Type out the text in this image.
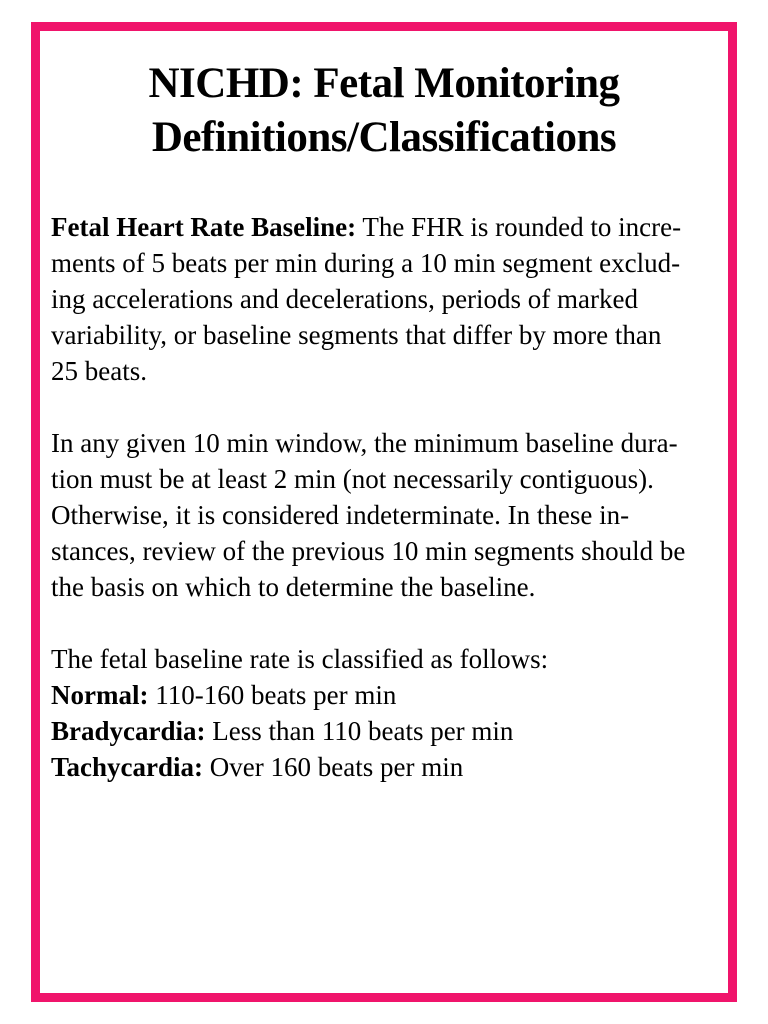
NICHD: Fetal Monitoring
Definitions/Classifications

Fetal Heart Rate Baseline: The FHR is rounded to incre-
ments of 5 beats per min during a 10 min segment exclud-
ing accelerations and decelerations, periods of marked
variability, or baseline segments that differ by more than
25 beats.

In any given 10 min window, the minimum baseline dura-
tion must be at least 2 min (not necessarily contiguous).
Otherwise, it is considered indeterminate. In these in-
stances, review of the previous 10 min segments should be
the basis on which to determine the baseline.

The fetal baseline rate is classified as follows:
Normal: 110-160 beats per min
Bradycardia: Less than 110 beats per min
Tachycardia: Over 160 beats per min
